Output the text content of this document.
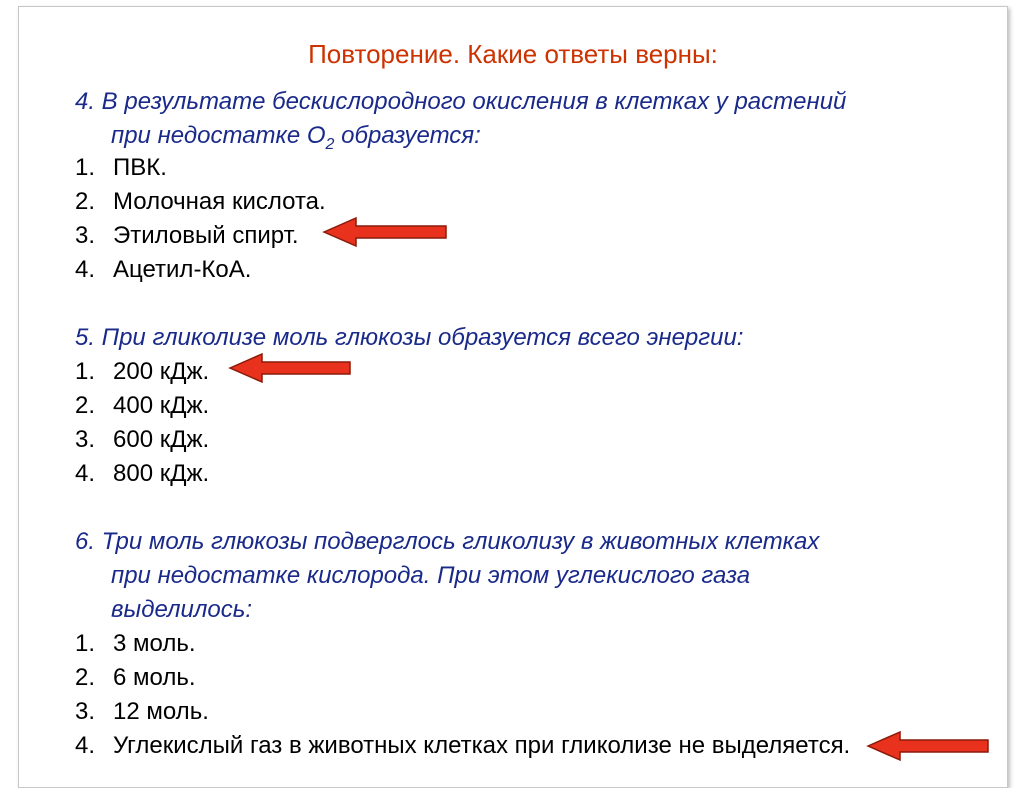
Повторение. Какие ответы верны:
4. В результате бескислородного окисления в клетках у растений
при недостатке $О_2$ образуется:
1. ПВК.
2. Молочная кислота.
3. Этиловый спирт.
4. Ацетил-КоА.
5. При гликолизе моль глюкозы образуется всего энергии:
1. 200 кДж.
2. 400 кДж.
3. 600 кДж.
4. 800 кДж.
6. Три моль глюкозы подверглось гликолизу в животных клетках
при недостатке кислорода. При этом углекислого газа
выделилось:
1. 3 моль.
2. 6 моль.
3. 12 моль.
4. Углекислый газ в животных клетках при гликолизе не выделяется.
